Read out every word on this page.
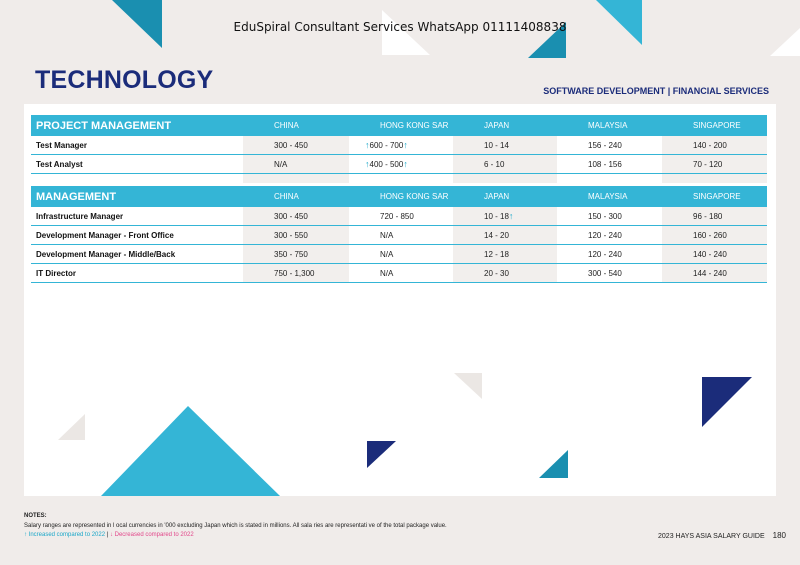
EduSpiral Consultant Services WhatsApp 01111408838
TECHNOLOGY	SOFTWARE DEVELOPMENT | FINANCIAL SERVICES
PROJECT MANAGEMENT	CHINA	HONG KONG SAR	JAPAN	MALAYSIA	SINGAPORE
Test Manager	300 - 450	↑600 - 700↑	10 - 14	156 - 240	140 - 200
Test Analyst	N/A	↑400 - 500↑	6 - 10	108 - 156	70 - 120

MANAGEMENT	CHINA	HONG KONG SAR	JAPAN	MALAYSIA	SINGAPORE
Infrastructure Manager	300 - 450	720 - 850	10 - 18↑	150 - 300	96 - 180
Development Manager - Front Office	300 - 550	N/A	14 - 20	120 - 240	160 - 260
Development Manager - Middle/Back	350 - 750	N/A	12 - 18	120 - 240	140 - 240
IT Director	750 - 1,300	N/A	20 - 30	300 - 540	144 - 240
NOTES:
Salary ranges are represented in l ocal currencies in '000 excluding Japan which is stated in millions. All sala ries are representati ve of the total package value.
↑ Increased compared to 2022 | ↓ Decreased compared to 2022	2023 HAYS ASIA SALARY GUIDE 180
